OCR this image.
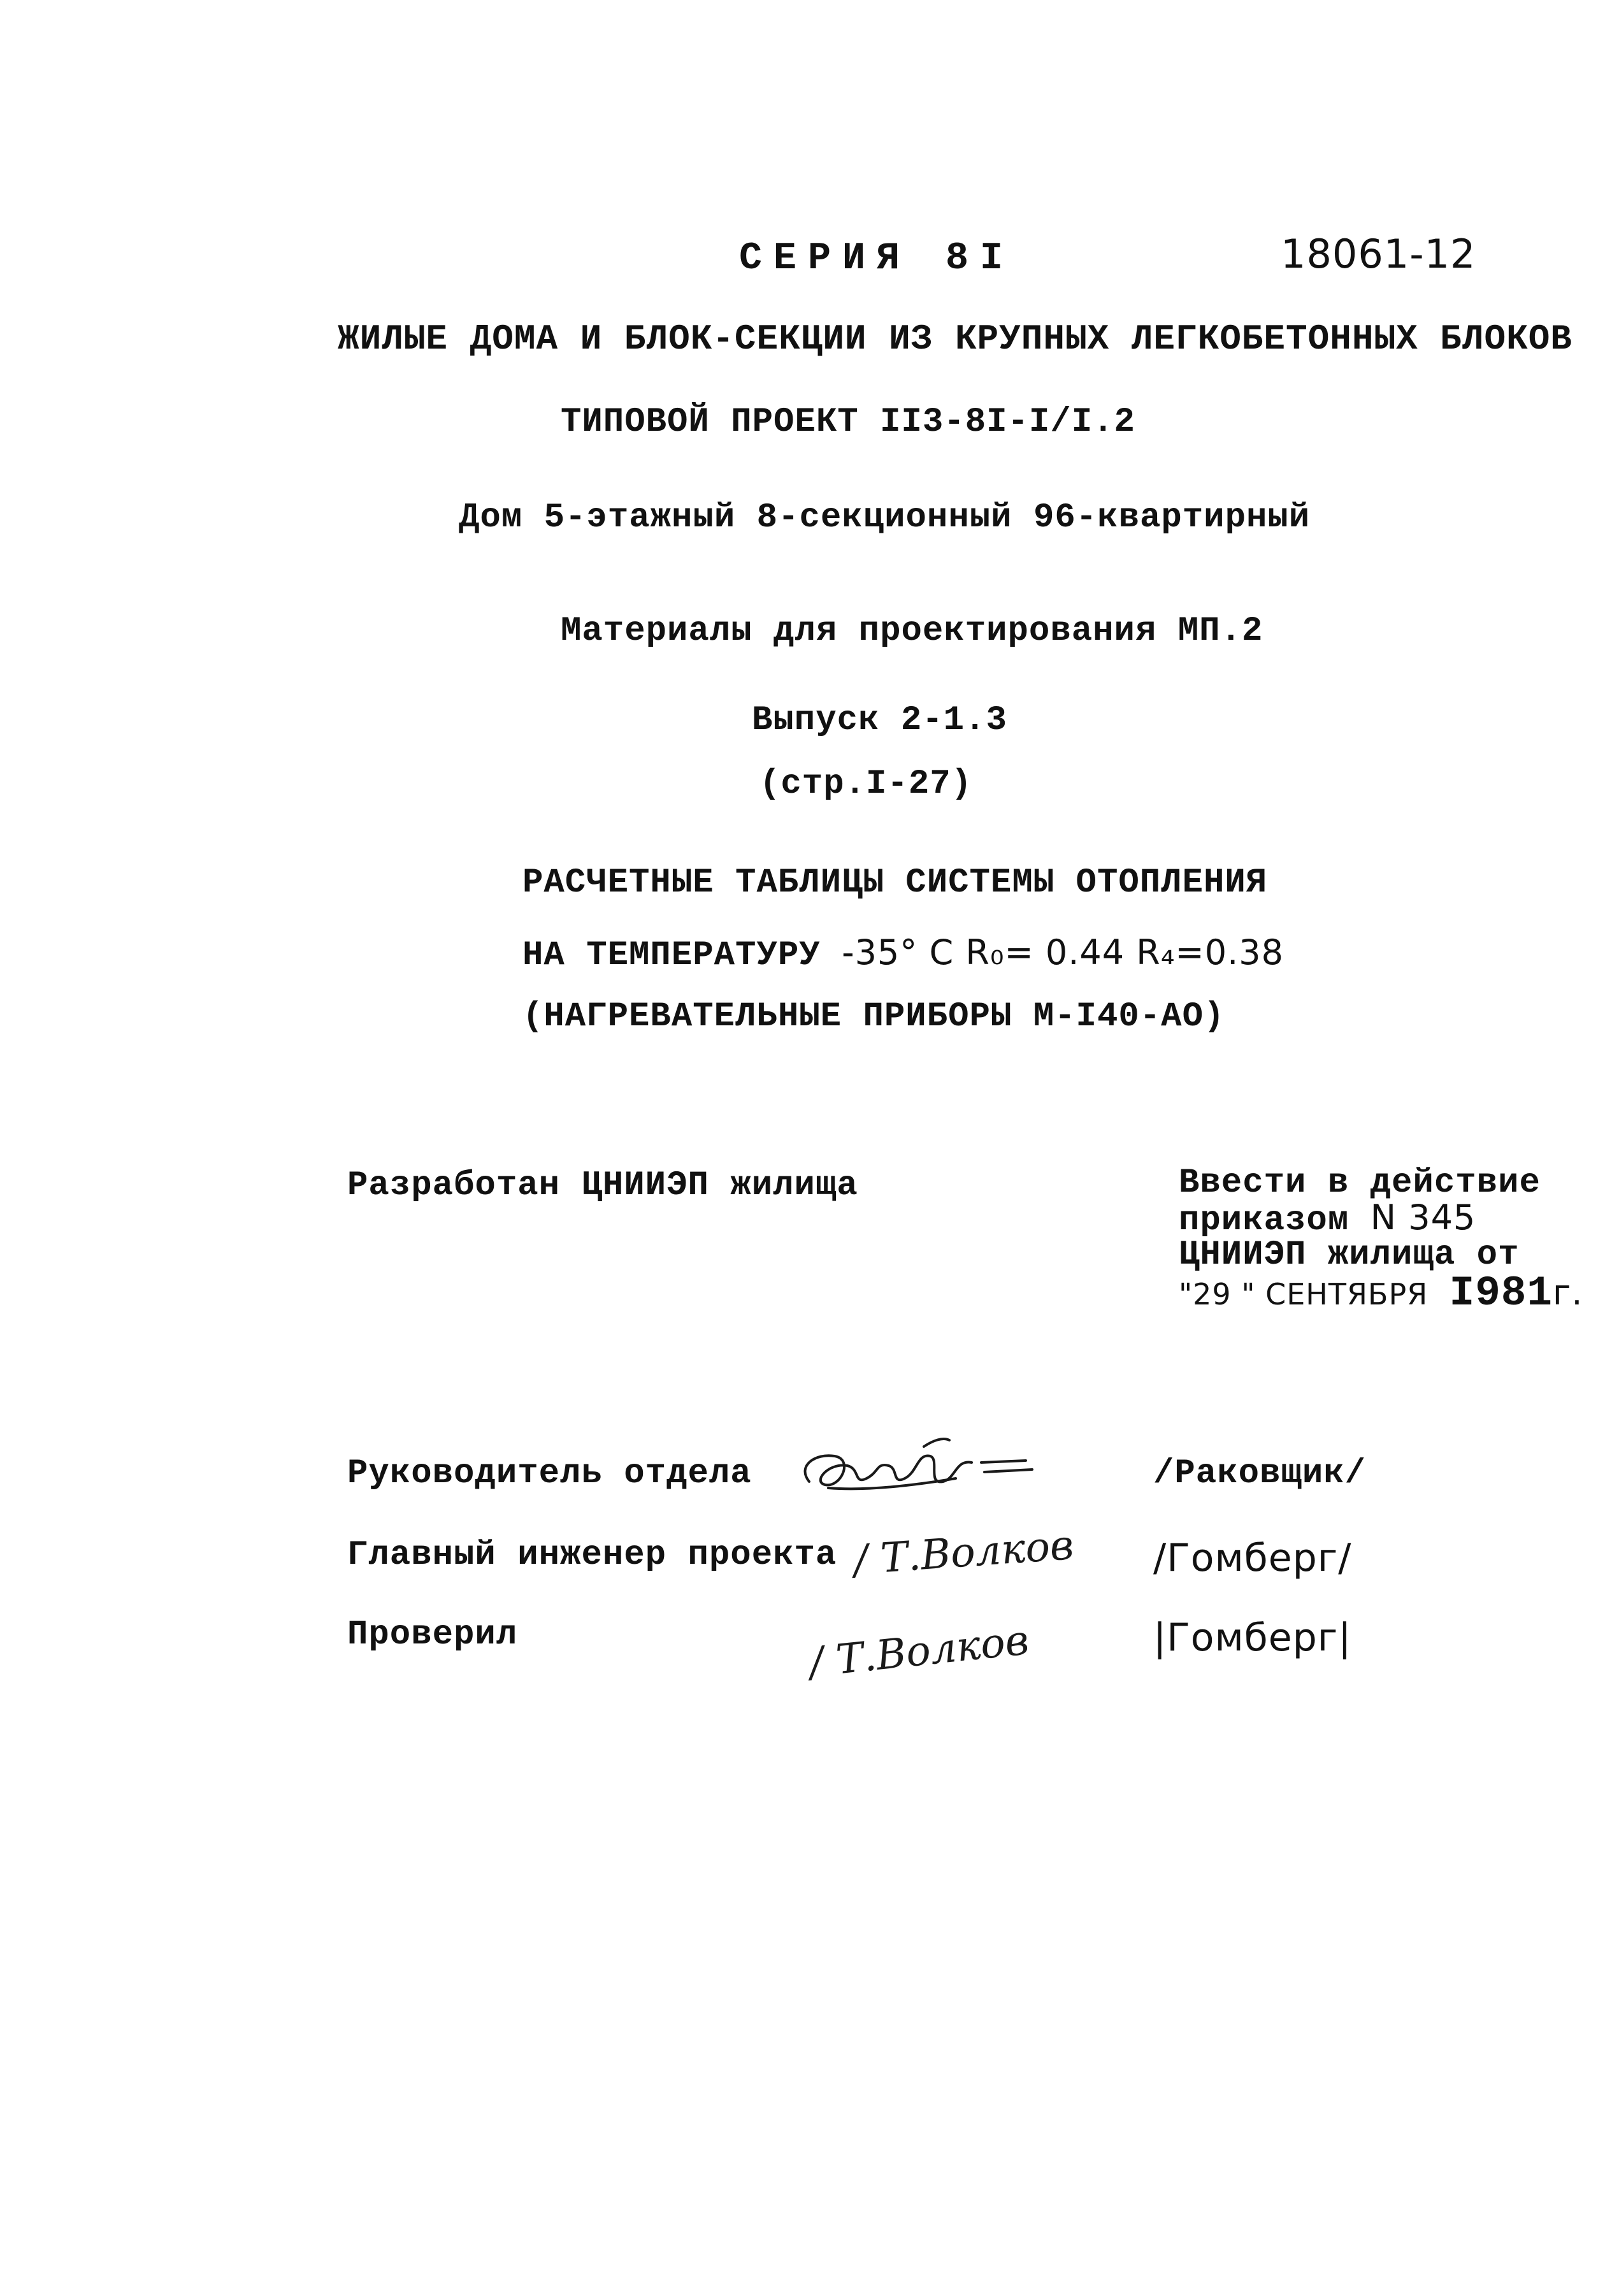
СЕРИЯ 8I	18061-12
ЖИЛЫЕ ДОМА И БЛОК-СЕКЦИИ ИЗ КРУПНЫХ ЛЕГКОБЕТОННЫХ БЛОКОВ
ТИПОВОЙ ПРОЕКТ II3-8I-I/I.2
Дом 5-этажный 8-секционный 96-квартирный
Материалы для проектирования МП.2
Выпуск 2-1.3
(стр.I-27)
РАСЧЕТНЫЕ ТАБЛИЦЫ СИСТЕМЫ ОТОПЛЕНИЯ
НА ТЕМПЕРАТУРУ -35° C R₀= 0.44 R₄=0.38
(НАГРЕВАТЕЛЬНЫЕ ПРИБОРЫ М-I40-АО)
Разработан ЦНИИЭП жилища	Ввести в действие
приказом N 345
ЦНИИЭП жилища от
"29 " СЕНТЯБРЯ I981г.
Руководитель отдела	/Раковщик/
Главный инженер проекта / Т.Волков /Гомберг/
Проверил	/ Т.Волков	|Гомберг|
